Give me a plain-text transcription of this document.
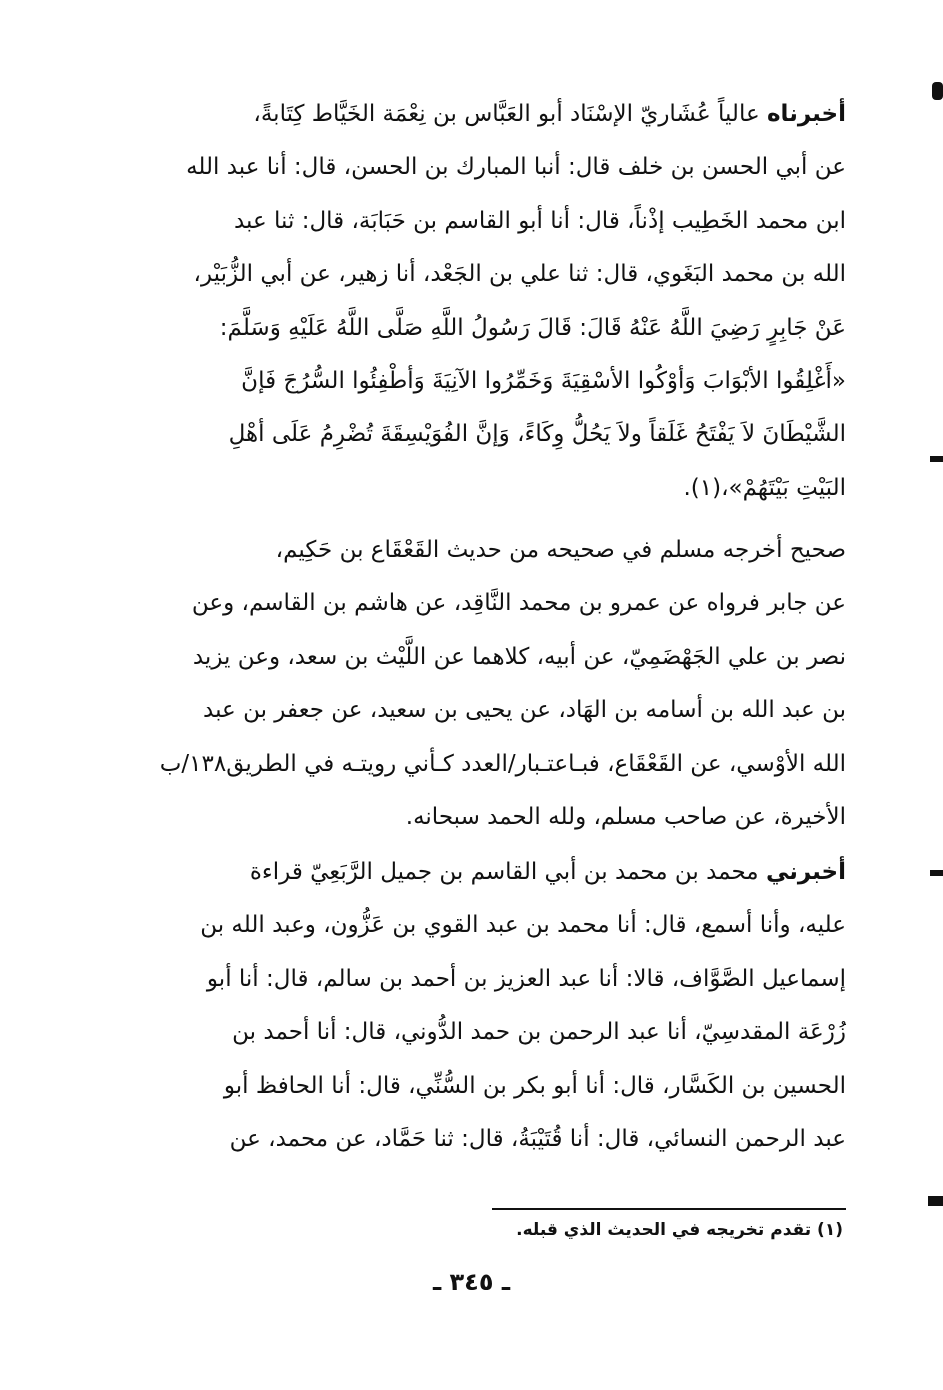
أخبرناه عالياً عُشَاريّ الإسْنَاد أبو العَبَّاس بن نِعْمَة الخَيَّاط كِتَابةً،
عن أبي الحسن بن خلف قال: أنبا المبارك بن الحسن، قال: أنا عبد الله
ابن محمد الخَطِيب إذْناً، قال: أنا أبو القاسم بن حَبَابَة، قال: ثنا عبد
الله بن محمد البَغَوي، قال: ثنا علي بن الجَعْد، أنا زهير، عن أبي الزُّبَيْر،
عَنْ جَابِرٍ رَضِيَ اللَّهُ عَنْهُ قَالَ: قَالَ رَسُولُ اللَّهِ صَلَّى اللَّهُ عَلَيْهِ وَسَلَّمَ:
«أَغْلِقُوا الأبْوَابَ وَأوْكُوا الأسْقِيَةَ وَخَمِّرُوا الآنِيَةَ وَأطْفِئُوا السُّرُجَ فَإنَّ
الشَّيْطَانَ لاَ يَفْتَحُ غَلَقاً ولاَ يَحُلُّ وِكَاءً، وَإنَّ الفُوَيْسِقَةَ تُضْرِمُ عَلَى أهْلِ
البَيْتِ بَيْتَهُمْ»،(١).
صحيح أخرجه مسلم في صحيحه من حديث القَعْقَاع بن حَكِيم،
عن جابر فرواه عن عمرو بن محمد النَّاقِد، عن هاشم بن القاسم، وعن
نصر بن علي الجَهْضَمِيّ، عن أبيه، كلاهما عن اللَّيْث بن سعد، وعن يزيد
بن عبد الله بن أسامه بن الهَاد، عن يحيى بن سعيد، عن جعفر بن عبد
الله الأوْسي، عن القَعْقَاع، فبـاعتـبار/العدد كـأني رويتـه في الطريق١٣٨/ب
الأخيرة، عن صاحب مسلم، ولله الحمد سبحانه.
أخبرني محمد بن محمد بن أبي القاسم بن جميل الرَّبَعِيّ قراءة
عليه، وأنا أسمع، قال: أنا محمد بن عبد القوي بن عَزُّون، وعبد الله بن
إسماعيل الصَّوَّاف، قالا: أنا عبد العزيز بن أحمد بن سالم، قال: أنا أبو
زُرْعَة المقدسِيّ، أنا عبد الرحمن بن حمد الدُّوني، قال: أنا أحمد بن
الحسين بن الكَسَّار، قال: أنا أبو بكر بن السُّنِّي، قال: أنا الحافظ أبو
عبد الرحمن النسائي، قال: أنا قُتَيْبَةُ، قال: ثنا حَمَّاد، عن محمد، عن
(١) تقدم تخريجه في الحديث الذي قبله.
ـ ٣٤٥ ـ
